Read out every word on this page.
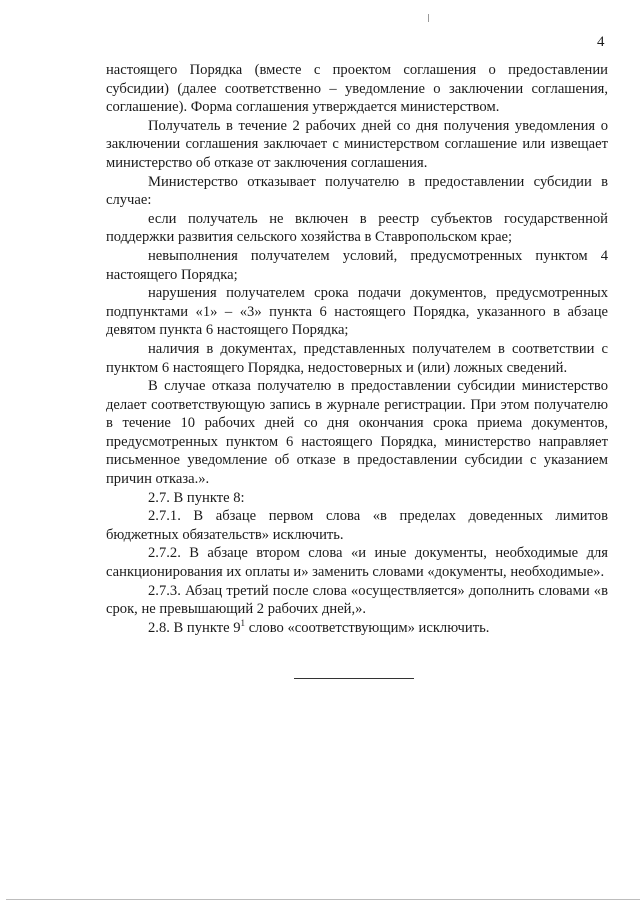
4

настоящего Порядка (вместе с проектом соглашения о предоставлении субсидии) (далее соответственно – уведомление о заключении соглашения, соглашение). Форма соглашения утверждается министерством.

Получатель в течение 2 рабочих дней со дня получения уведомления о заключении соглашения заключает с министерством соглашение или извещает министерство об отказе от заключения соглашения.

Министерство отказывает получателю в предоставлении субсидии в случае:

если получатель не включен в реестр субъектов государственной поддержки развития сельского хозяйства в Ставропольском крае;

невыполнения получателем условий, предусмотренных пунктом 4 настоящего Порядка;

нарушения получателем срока подачи документов, предусмотренных подпунктами «1» – «3» пункта 6 настоящего Порядка, указанного в абзаце девятом пункта 6 настоящего Порядка;

наличия в документах, представленных получателем в соответствии с пунктом 6 настоящего Порядка, недостоверных и (или) ложных сведений.

В случае отказа получателю в предоставлении субсидии министерство делает соответствующую запись в журнале регистрации. При этом получателю в течение 10 рабочих дней со дня окончания срока приема документов, предусмотренных пунктом 6 настоящего Порядка, министерство направляет письменное уведомление об отказе в предоставлении субсидии с указанием причин отказа.».

2.7. В пункте 8:

2.7.1. В абзаце первом слова «в пределах доведенных лимитов бюджетных обязательств» исключить.

2.7.2. В абзаце втором слова «и иные документы, необходимые для санкционирования их оплаты и» заменить словами «документы, необходимые».

2.7.3. Абзац третий после слова «осуществляется» дополнить словами «в срок, не превышающий 2 рабочих дней,».

2.8. В пункте $9^1$ слово «соответствующим» исключить.
